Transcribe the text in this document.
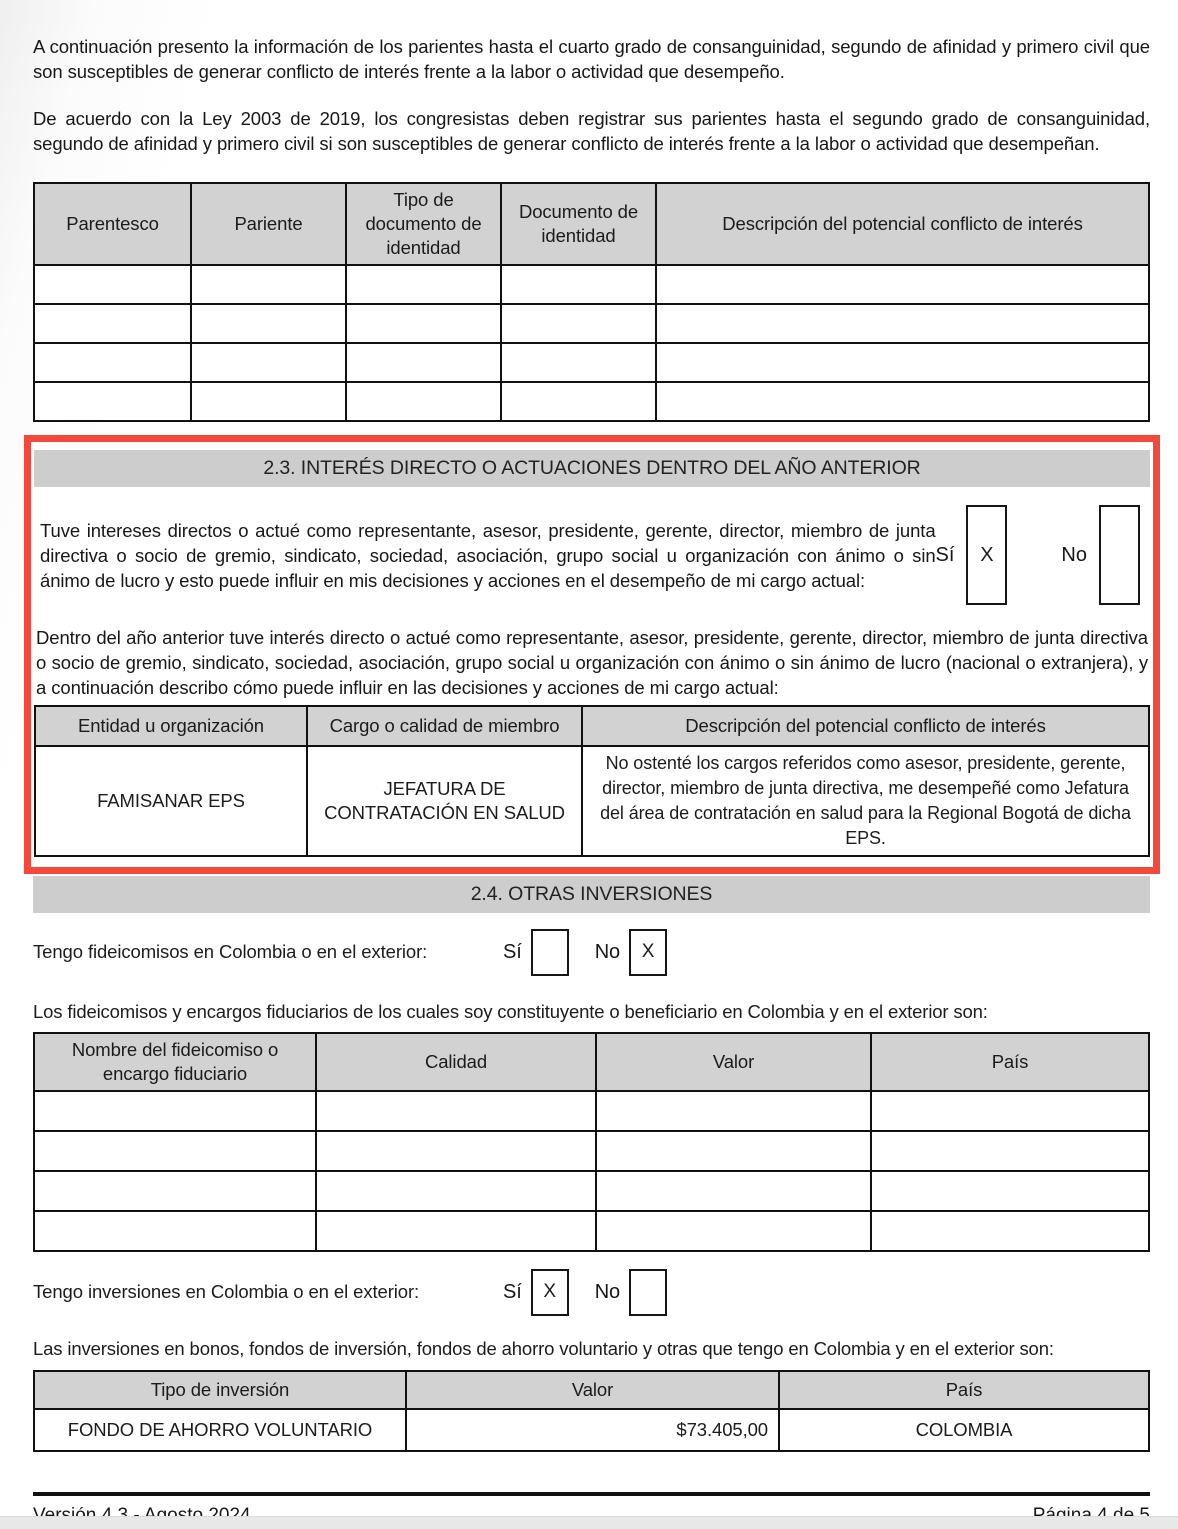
A continuación presento la información de los parientes hasta el cuarto grado de consanguinidad, segundo de afinidad y primero civil que son susceptibles de generar conflicto de interés frente a la labor o actividad que desempeño.

De acuerdo con la Ley 2003 de 2019, los congresistas deben registrar sus parientes hasta el segundo grado de consanguinidad, segundo de afinidad y primero civil si son susceptibles de generar conflicto de interés frente a la labor o actividad que desempeñan.

Parentesco	Pariente	Tipo de documento de identidad	Documento de identidad	Descripción del potencial conflicto de interés

2.3. INTERÉS DIRECTO O ACTUACIONES DENTRO DEL AÑO ANTERIOR

Tuve intereses directos o actué como representante, asesor, presidente, gerente, director, miembro de junta directiva o socio de gremio, sindicato, sociedad, asociación, grupo social u organización con ánimo o sin ánimo de lucro y esto puede influir en mis decisiones y acciones en el desempeño de mi cargo actual:

Sí X	No

Dentro del año anterior tuve interés directo o actué como representante, asesor, presidente, gerente, director, miembro de junta directiva o socio de gremio, sindicato, sociedad, asociación, grupo social u organización con ánimo o sin ánimo de lucro (nacional o extranjera), y a continuación describo cómo puede influir en las decisiones y acciones de mi cargo actual:

Entidad u organización	Cargo o calidad de miembro	Descripción del potencial conflicto de interés
FAMISANAR EPS	JEFATURA DE CONTRATACIÓN EN SALUD	No ostenté los cargos referidos como asesor, presidente, gerente, director, miembro de junta directiva, me desempeñé como Jefatura del área de contratación en salud para la Regional Bogotá de dicha EPS.
2.4. OTRAS INVERSIONES
Tengo fideicomisos en Colombia o en el exterior:	Sí	No X

Los fideicomisos y encargos fiduciarios de los cuales soy constituyente o beneficiario en Colombia y en el exterior son:

Nombre del fideicomiso o encargo fiduciario	Calidad	Valor	País

Tengo inversiones en Colombia o en el exterior:	Sí X No

Las inversiones en bonos, fondos de inversión, fondos de ahorro voluntario y otras que tengo en Colombia y en el exterior son:

Tipo de inversión	Valor	País
FONDO DE AHORRO VOLUNTARIO	$73.405,00	COLOMBIA
